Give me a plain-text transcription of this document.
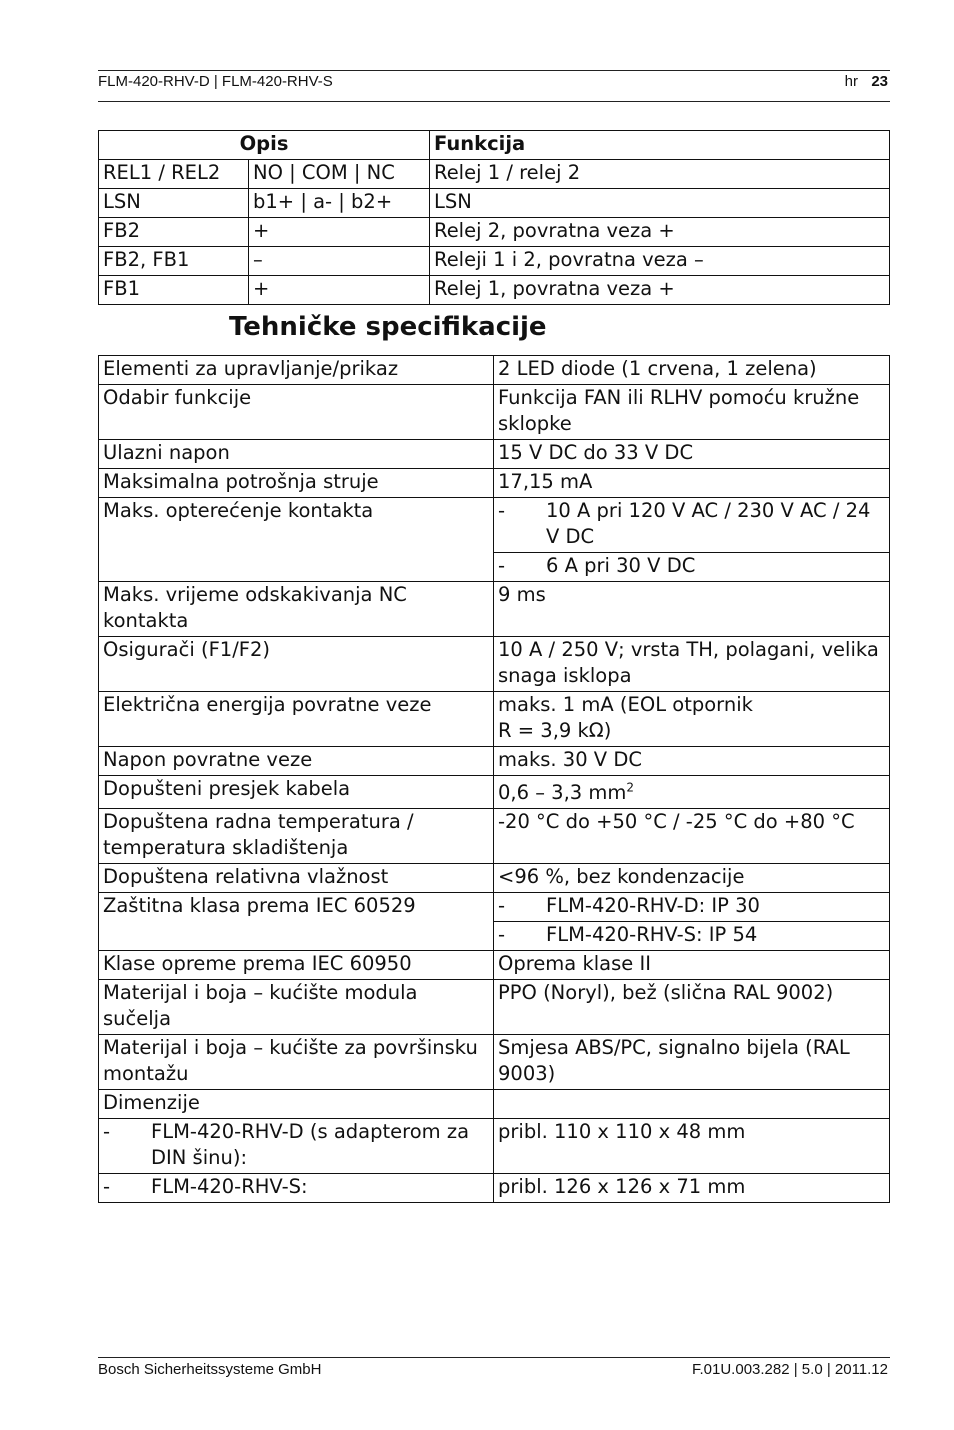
FLM-420-RHV-D | FLM-420-RHV-S	hr 23
Opis		Funkcija
REL1 / REL2	NO | COM | NC	Relej 1 / relej 2
LSN	b1+ | a- | b2+	LSN
FB2	+	Relej 2, povratna veza +
FB2, FB1	–	Releji 1 i 2, povratna veza –
FB1	+	Relej 1, povratna veza +
Tehničke specifikacije
Elementi za upravljanje/prikaz	2 LED diode (1 crvena, 1 zelena)
Odabir funkcije	Funkcija FAN ili RLHV pomoću kružne sklopke
Ulazni napon	15 V DC do 33 V DC
Maksimalna potrošnja struje	17,15 mA
Maks. opterećenje kontakta	- 10 A pri 120 V AC / 230 V AC / 24 V DC

	- 6 A pri 30 V DC

Maks. vrijeme odskakivanja NC kontakta	9 ms
Osigurači (F1/F2)	10 A / 250 V; vrsta TH, polagani, velika snaga isklopa
Električna energija povratne veze	maks. 1 mA (EOL otpornik
R = 3,9 kΩ)

Napon povratne veze	maks. 30 V DC
Dopušteni presjek kabela	0,6 – 3,3 $mm^2$
Dopuštena radna temperatura / temperatura skladištenja	-20 °C do +50 °C / -25 °C do +80 °C
Dopuštena relativna vlažnost	<96 %, bez kondenzacije
Zaštitna klasa prema IEC 60529	- FLM-420-RHV-D: IP 30

	- FLM-420-RHV-S: IP 54

Klase opreme prema IEC 60950	Oprema klase II
Materijal i boja – kućište modula sučelja	PPO (Noryl), bež (slična RAL 9002)
Materijal i boja – kućište za površinsku montažu	Smjesa ABS/PC, signalno bijela (RAL 9003)
Dimenzije	

- FLM-420-RHV-D (s adapterom za DIN šinu):	pribl. 110 x 110 x 48 mm

- FLM-420-RHV-S:	pribl. 126 x 126 x 71 mm
Bosch Sicherheitssysteme GmbH	F.01U.003.282 | 5.0 | 2011.12
